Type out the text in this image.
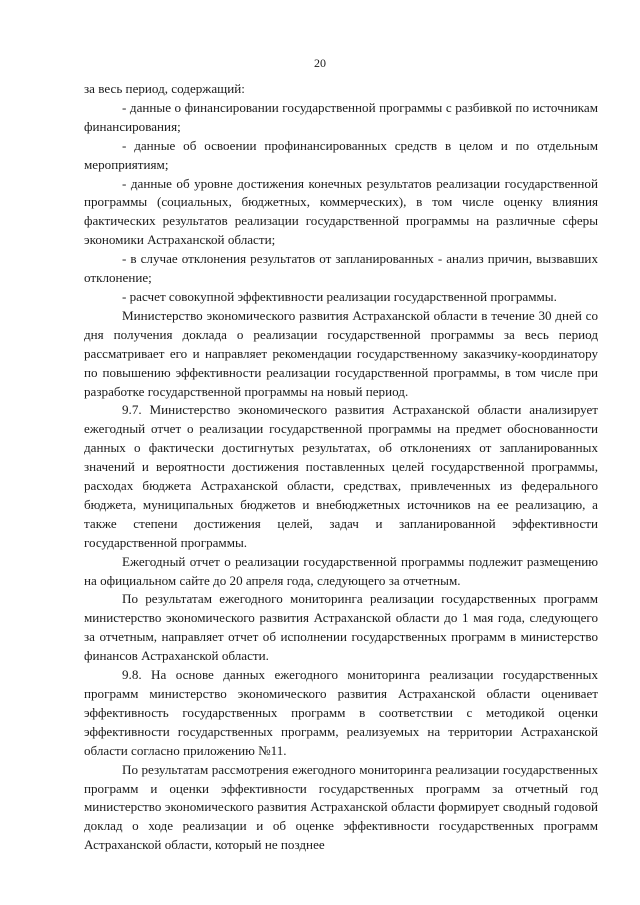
20

за весь период, содержащий:

- данные о финансировании государственной программы с разбивкой по источникам финансирования;

- данные об освоении профинансированных средств в целом и по отдельным мероприятиям;

- данные об уровне достижения конечных результатов реализации государственной программы (социальных, бюджетных, коммерческих), в том числе оценку влияния фактических результатов реализации государственной программы на различные сферы экономики Астраханской области;

- в случае отклонения результатов от запланированных - анализ причин, вызвавших отклонение;

- расчет совокупной эффективности реализации государственной программы.

Министерство экономического развития Астраханской области в течение 30 дней со дня получения доклада о реализации государственной программы за весь период рассматривает его и направляет рекомендации государственному заказчику-координатору по повышению эффективности реализации государственной программы, в том числе при разработке государственной программы на новый период.

9.7. Министерство экономического развития Астраханской области анализирует ежегодный отчет о реализации государственной программы на предмет обоснованности данных о фактически достигнутых результатах, об отклонениях от запланированных значений и вероятности достижения поставленных целей государственной программы, расходах бюджета Астраханской области, средствах, привлеченных из федерального бюджета, муниципальных бюджетов и внебюджетных источников на ее реализацию, а также степени достижения целей, задач и запланированной эффективности государственной программы.

Ежегодный отчет о реализации государственной программы подлежит размещению на официальном сайте до 20 апреля года, следующего за отчетным.

По результатам ежегодного мониторинга реализации государственных программ министерство экономического развития Астраханской области до 1 мая года, следующего за отчетным, направляет отчет об исполнении государственных программ в министерство финансов Астраханской области.

9.8. На основе данных ежегодного мониторинга реализации государственных программ министерство экономического развития Астраханской области оценивает эффективность государственных программ в соответствии с методикой оценки эффективности государственных программ, реализуемых на территории Астраханской области согласно приложению №11.

По результатам рассмотрения ежегодного мониторинга реализации государственных программ и оценки эффективности государственных программ за отчетный год министерство экономического развития Астраханской области формирует сводный годовой доклад о ходе реализации и об оценке эффективности государственных программ Астраханской области, который не позднее
